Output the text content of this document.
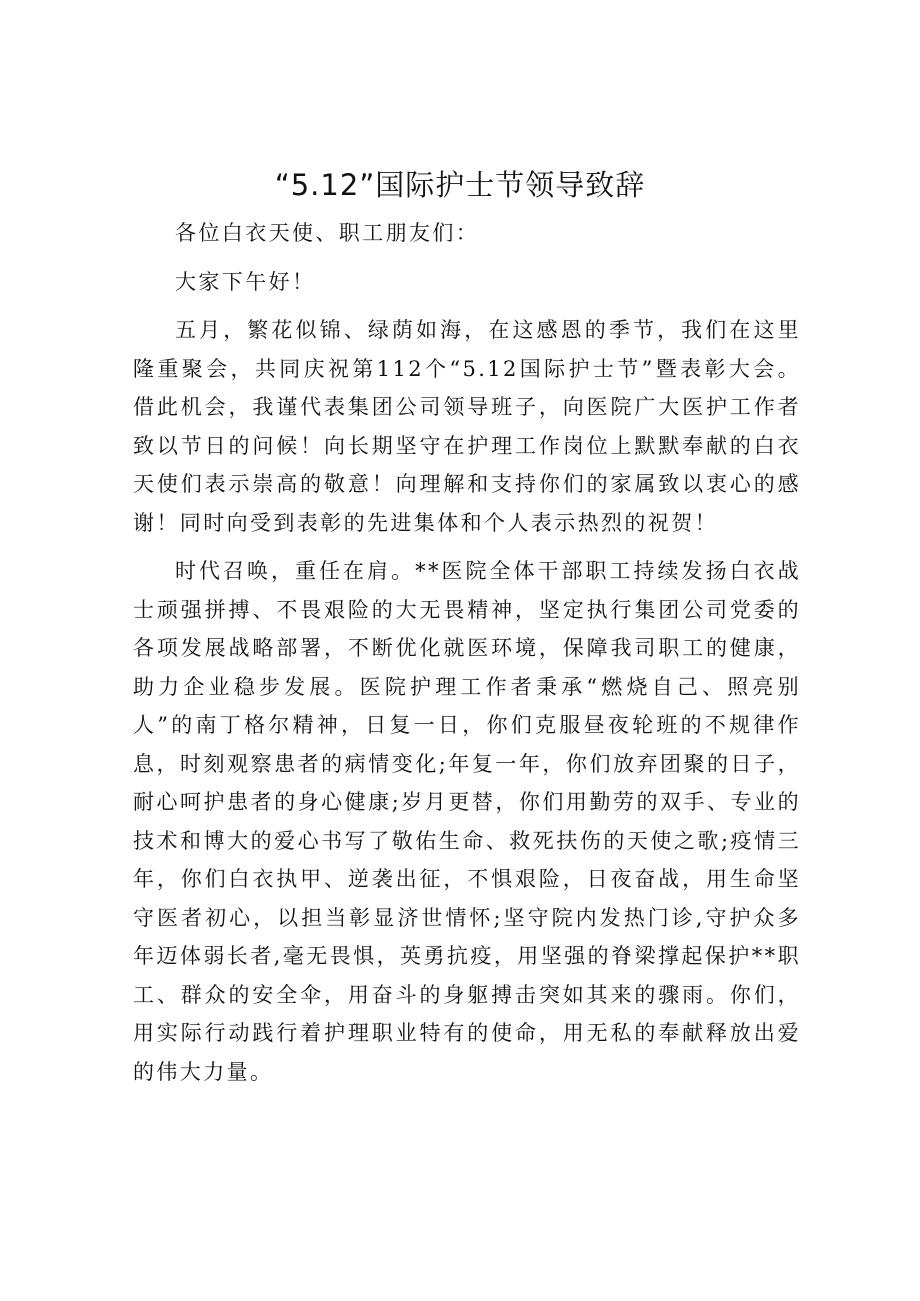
“5.12”国际护士节领导致辞

各位白衣天使、职工朋友们：

大家下午好！

五月，繁花似锦、绿荫如海，在这感恩的季节，我们在这里隆重聚会，共同庆祝第112个“5.12国际护士节”暨表彰大会。借此机会，我谨代表集团公司领导班子，向医院广大医护工作者致以节日的问候！向长期坚守在护理工作岗位上默默奉献的白衣天使们表示崇高的敬意！向理解和支持你们的家属致以衷心的感谢！同时向受到表彰的先进集体和个人表示热烈的祝贺！

时代召唤，重任在肩。**医院全体干部职工持续发扬白衣战士顽强拼搏、不畏艰险的大无畏精神，坚定执行集团公司党委的各项发展战略部署，不断优化就医环境，保障我司职工的健康，助力企业稳步发展。医院护理工作者秉承“燃烧自己、照亮别人”的南丁格尔精神，日复一日，你们克服昼夜轮班的不规律作息，时刻观察患者的病情变化;年复一年，你们放弃团聚的日子，耐心呵护患者的身心健康;岁月更替，你们用勤劳的双手、专业的技术和博大的爱心书写了敬佑生命、救死扶伤的天使之歌;疫情三年，你们白衣执甲、逆袭出征，不惧艰险，日夜奋战，用生命坚守医者初心，以担当彰显济世情怀;坚守院内发热门诊,守护众多年迈体弱长者,毫无畏惧，英勇抗疫，用坚强的脊梁撑起保护**职工、群众的安全伞，用奋斗的身躯搏击突如其来的骤雨。你们，用实际行动践行着护理职业特有的使命，用无私的奉献释放出爱的伟大力量。
